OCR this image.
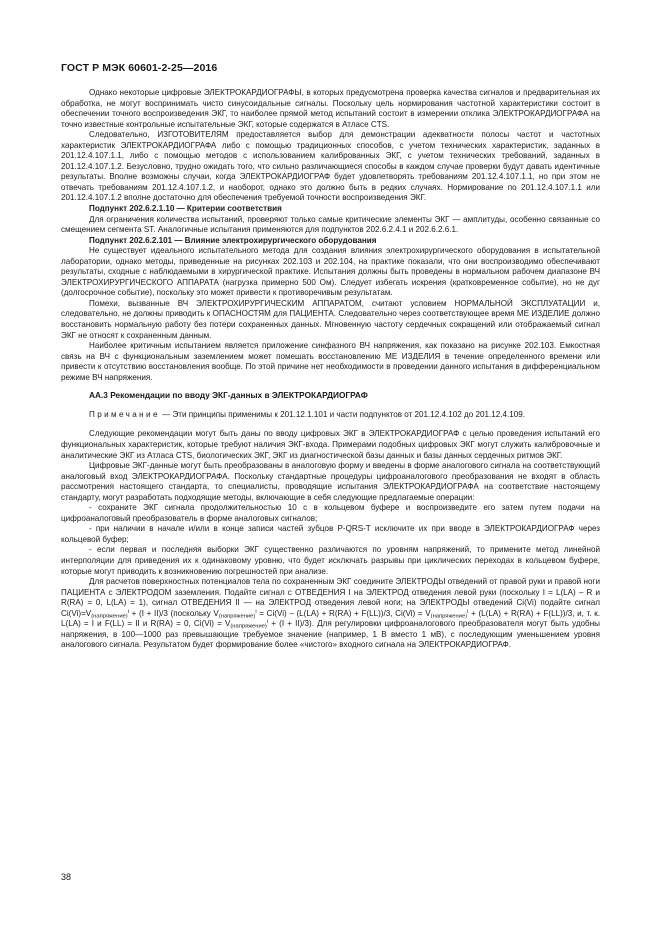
ГОСТ Р МЭК 60601-2-25—2016

Однако некоторые цифровые ЭЛЕКТРОКАРДИОГРАФЫ, в которых предусмотрена проверка качества сигналов и предварительная их обработка, не могут воспринимать чисто синусоидальные сигналы. Поскольку цель нормирования частотной характеристики состоит в обеспечении точного воспроизведения ЭКГ, то наиболее прямой метод испытаний состоит в измерении отклика ЭЛЕКТРОКАРДИОГРАФА на точно известные контрольные испытательные ЭКГ, которые содержатся в Атласе CTS.

Следовательно, ИЗГОТОВИТЕЛЯМ предоставляется выбор для демонстрации адекватности полосы частот и частотных характеристик ЭЛЕКТРОКАРДИОГРАФА либо с помощью традиционных способов, с учетом технических характеристик, заданных в 201.12.4.107.1.1, либо с помощью методов с использованием калиброванных ЭКГ, с учетом технических требований, заданных в 201.12.4.107.1.2. Безусловно, трудно ожидать того, что сильно различающиеся способы в каждом случае проверки будут давать идентичные результаты. Вполне возможны случаи, когда ЭЛЕКТРОКАРДИОГРАФ будет удовлетворять требованиям 201.12.4.107.1.1, но при этом не отвечать требованиям 201.12.4.107.1.2, и наоборот, однако это должно быть в редких случаях. Нормирование по 201.12.4.107.1.1 или 201.12.4.107.1.2 вполне достаточно для обеспечения требуемой точности воспроизведения ЭКГ.

Подпункт 202.6.2.1.10 — Критерии соответствия

Для ограничения количества испытаний, проверяют только самые критические элементы ЭКГ — амплитуды, особенно связанные со смещением сегмента ST. Аналогичные испытания применяются для подпунктов 202.6.2.4.1 и 202.6.2.6.1.

Подпункт 202.6.2.101 — Влияние электрохирургического оборудования

Не существует идеального испытательного метода для создания влияния электрохирургического оборудования в испытательной лаборатории, однако методы, приведенные на рисунках 202.103 и 202.104, на практике показали, что они воспроизводимо обеспечивают результаты, сходные с наблюдаемыми в хирургической практике. Испытания должны быть проведены в нормальном рабочем диапазоне ВЧ ЭЛЕКТРОХИРУРГИЧЕСКОГО АППАРАТА (нагрузка примерно 500 Ом). Следует избегать искрения (кратковременное событие), но не дуг (долгосрочное событие), поскольку это может привести к противоречивым результатам.

Помехи, вызванные ВЧ ЭЛЕКТРОХИРУРГИЧЕСКИМ АППАРАТОМ, считают условием НОРМАЛЬНОЙ ЭКСПЛУАТАЦИИ и, следовательно, не должны приводить к ОПАСНОСТЯМ для ПАЦИЕНТА. Следовательно через соответствующее время МЕ ИЗДЕЛИЕ должно восстановить нормальную работу без потери сохраненных данных. Мгновенную частоту сердечных сокращений или отображаемый сигнал ЭКГ не относят к сохраненным данным.

Наиболее критичным испытанием является приложение синфазного ВЧ напряжения, как показано на рисунке 202.103. Емкостная связь на ВЧ с функциональным заземлением может помешать восстановлению МЕ ИЗДЕЛИЯ в течение определенного времени или привести к отсутствию восстановления вообще. По этой причине нет необходимости в проведении данного испытания в дифференциальном режиме ВЧ напряжения.

АА.3 Рекомендации по вводу ЭКГ-данных в ЭЛЕКТРОКАРДИОГРАФ

Примечание — Эти принципы применимы к 201.12.1.101 и части подпунктов от 201.12.4.102 до 201.12.4.109.

Следующие рекомендации могут быть даны по вводу цифровых ЭКГ в ЭЛЕКТРОКАРДИОГРАФ с целью проведения испытаний его функциональных характеристик, которые требуют наличия ЭКГ-входа. Примерами подобных цифровых ЭКГ могут служить калибровочные и аналитические ЭКГ из Атласа CTS, биологических ЭКГ, ЭКГ из диагностической базы данных и базы данных сердечных ритмов ЭКГ.

Цифровые ЭКГ-данные могут быть преобразованы в аналоговую форму и введены в форме аналогового сигнала на соответствующий аналоговый вход ЭЛЕКТРОКАРДИОГРАФА. Поскольку стандартные процедуры цифроаналогового преобразования не входят в область рассмотрения настоящего стандарта, то специалисты, проводящие испытания ЭЛЕКТРОКАРДИОГРАФА на соответствие настоящему стандарту, могут разработать подходящие методы, включающие в себя следующие предлагаемые операции:

- сохраните ЭКГ сигнала продолжительностью 10 с в кольцевом буфере и воспроизведите его затем путем подачи на цифроаналоговый преобразователь в форме аналоговых сигналов;

- при наличии в начале и/или в конце записи частей зубцов P-QRS-T исключите их при вводе в ЭЛЕКТРОКАРДИОГРАФ через кольцевой буфер;

- если первая и последняя выборки ЭКГ существенно различаются по уровням напряжений, то примените метод линейной интерполяции для приведения их к одинаковому уровню, что будет исключать разрывы при циклических переходах в кольцевом буфере, которые могут приводить к возникновению погрешностей при анализе.

Для расчетов поверхностных потенциалов тела по сохраненным ЭКГ соедините ЭЛЕКТРОДЫ отведений от правой руки и правой ноги ПАЦИЕНТА с ЭЛЕКТРОДОМ заземления. Подайте сигнал с ОТВЕДЕНИЯ I на ЭЛЕКТРОД отведения левой руки (поскольку I = L(LA) – R и R(RA) = 0, L(LA) = 1), сигнал ОТВЕДЕНИЯ II — на ЭЛЕКТРОД отведения левой ноги; на ЭЛЕКТРОДЫ отведений Ci(Vi) подайте сигнал $Ci(Vi)=V_{(напряжение)}^i + (I + II)/3$ (поскольку $V_{(напряжение)}^i = Ci(Vi) - (L(LA) + R(RA) + F(LL))/3$, $Ci(Vi) = V_{(напряжение)}^i + (L(LA) + R(RA) + F(LL))/3$, и, т. к. L(LA) = I и F(LL) = II и R(RA) = 0, $Ci(Vi) = V_{(напряжение)}^i + (I + II)/3$). Для регулировки цифроаналогового преобразователя могут быть удобны напряжения, в 100—1000 раз превышающие требуемое значение (например, 1 В вместо 1 мВ), с последующим уменьшением уровня аналогового сигнала. Результатом будет формирование более «чистого» входного сигнала на ЭЛЕКТРОКАРДИОГРАФ.

38
